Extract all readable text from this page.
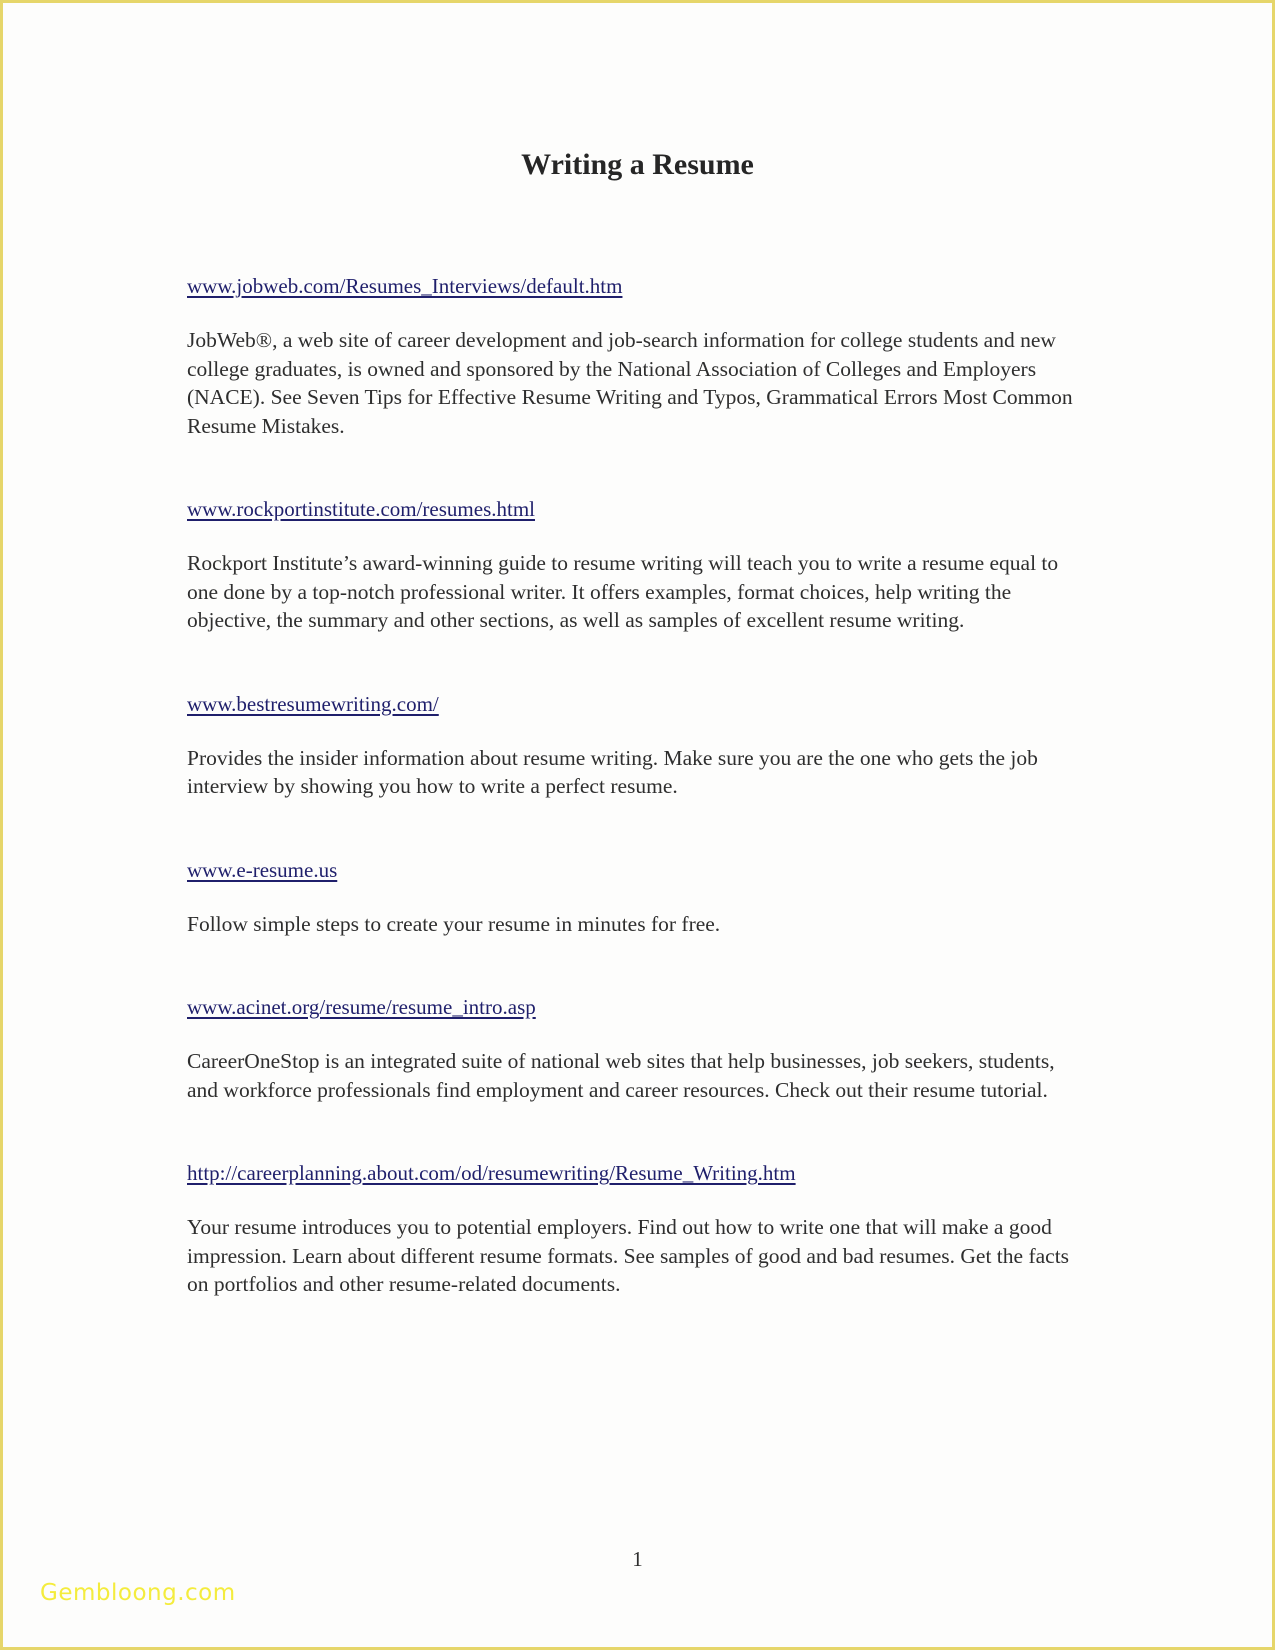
Writing a Resume
www.jobweb.com/Resumes_Interviews/default.htm

JobWeb®, a web site of career development and job-search information for college students and new college graduates, is owned and sponsored by the National Association of Colleges and Employers (NACE). See Seven Tips for Effective Resume Writing and Typos, Grammatical Errors Most Common Resume Mistakes.

www.rockportinstitute.com/resumes.html

Rockport Institute’s award-winning guide to resume writing will teach you to write a resume equal to one done by a top-notch professional writer. It offers examples, format choices, help writing the objective, the summary and other sections, as well as samples of excellent resume writing.

www.bestresumewriting.com/

Provides the insider information about resume writing. Make sure you are the one who gets the job interview by showing you how to write a perfect resume.

www.e-resume.us

Follow simple steps to create your resume in minutes for free.

www.acinet.org/resume/resume_intro.asp

CareerOneStop is an integrated suite of national web sites that help businesses, job seekers, students, and workforce professionals find employment and career resources. Check out their resume tutorial.

http://careerplanning.about.com/od/resumewriting/Resume_Writing.htm

Your resume introduces you to potential employers. Find out how to write one that will make a good impression. Learn about different resume formats. See samples of good and bad resumes. Get the facts on portfolios and other resume-related documents.

1
Gembloong.com
